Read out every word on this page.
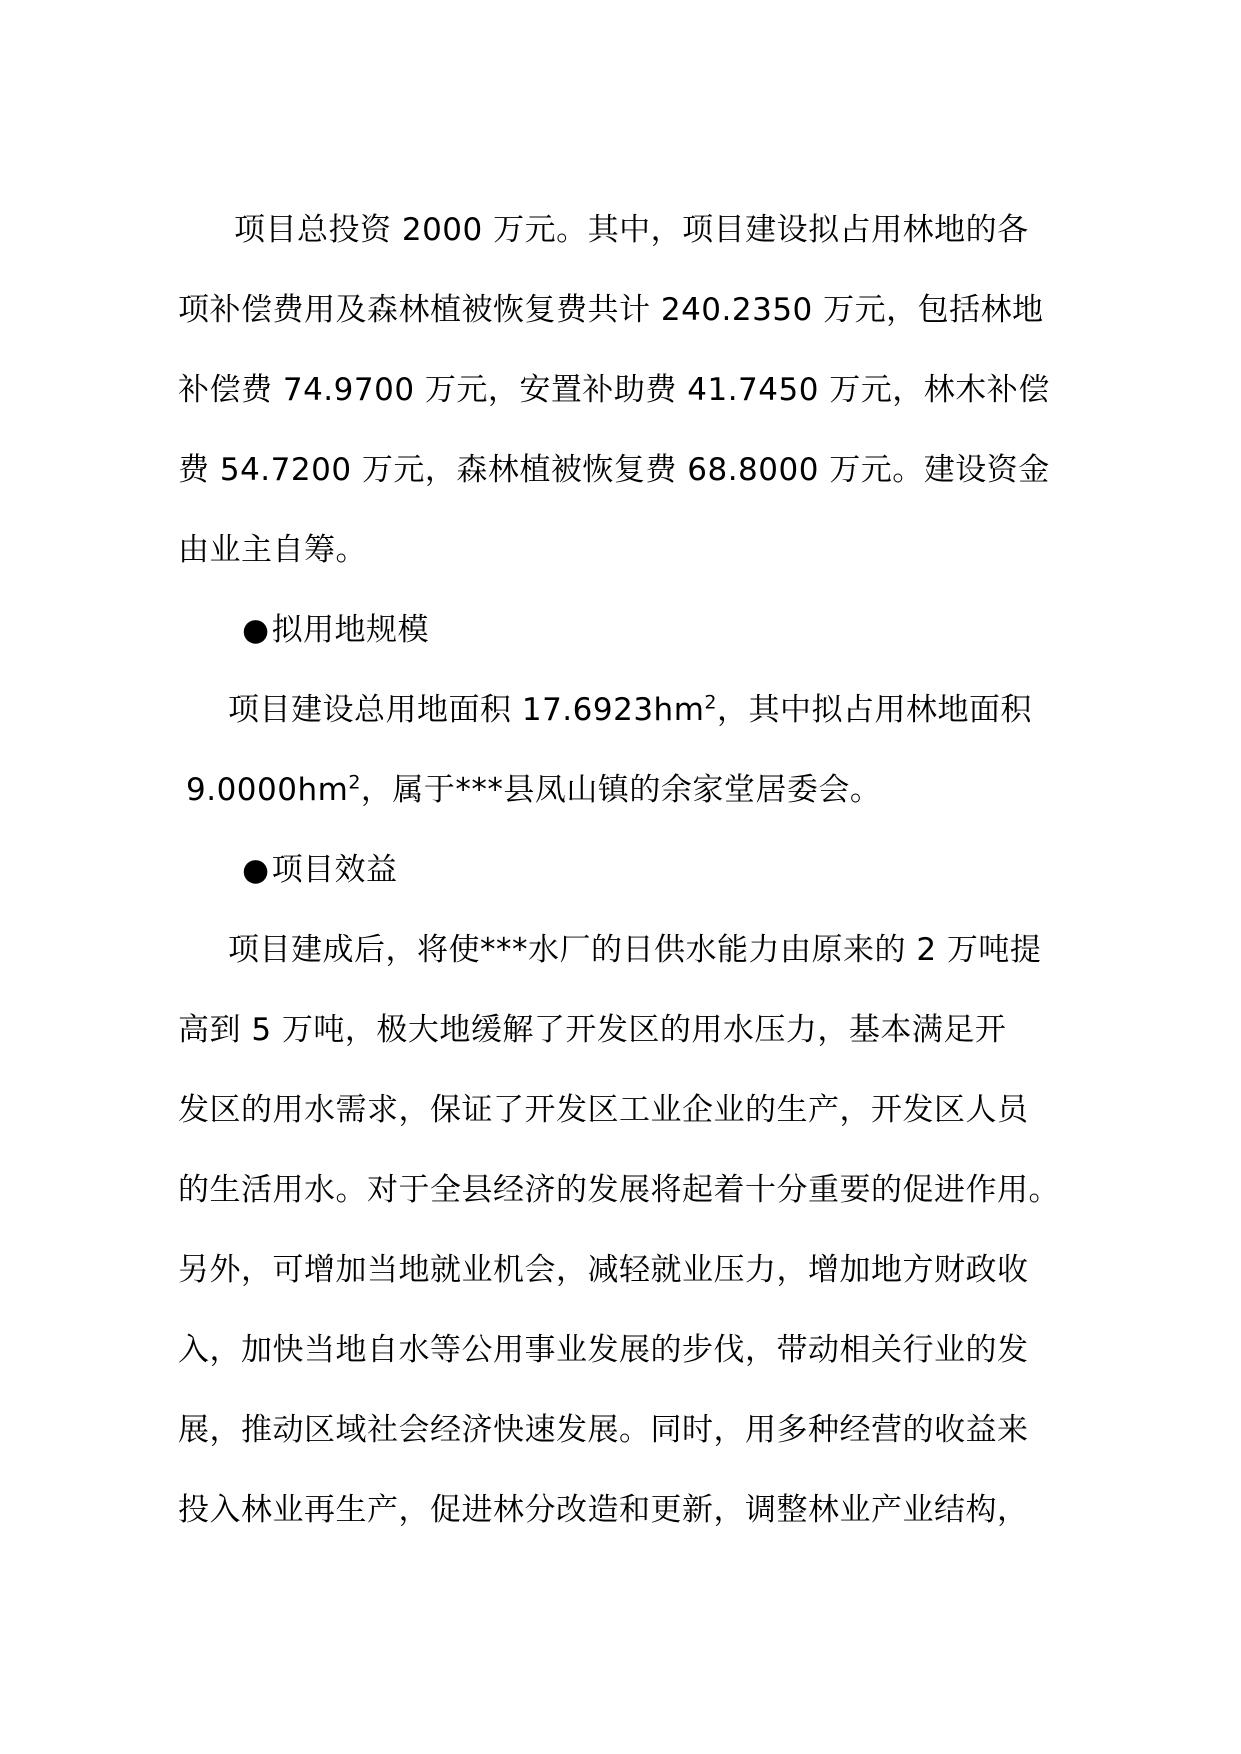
项目总投资 2000 万元。其中，项目建设拟占用林地的各
项补偿费用及森林植被恢复费共计 240.2350 万元，包括林地
补偿费 74.9700 万元，安置补助费 41.7450 万元，林木补偿
费 54.7200 万元，森林植被恢复费 68.8000 万元。建设资金
由业主自筹。
●拟用地规模
项目建设总用地面积 $17.6923hm^2$，其中拟占用林地面积
$9.0000hm^2$，属于***县凤山镇的余家堂居委会。
●项目效益
项目建成后，将使***水厂的日供水能力由原来的 2 万吨提
高到 5 万吨，极大地缓解了开发区的用水压力，基本满足开
发区的用水需求，保证了开发区工业企业的生产，开发区人员
的生活用水。对于全县经济的发展将起着十分重要的促进作用。
另外，可增加当地就业机会，减轻就业压力，增加地方财政收
入，加快当地自水等公用事业发展的步伐，带动相关行业的发
展，推动区域社会经济快速发展。同时，用多种经营的收益来
投入林业再生产，促进林分改造和更新，调整林业产业结构，
